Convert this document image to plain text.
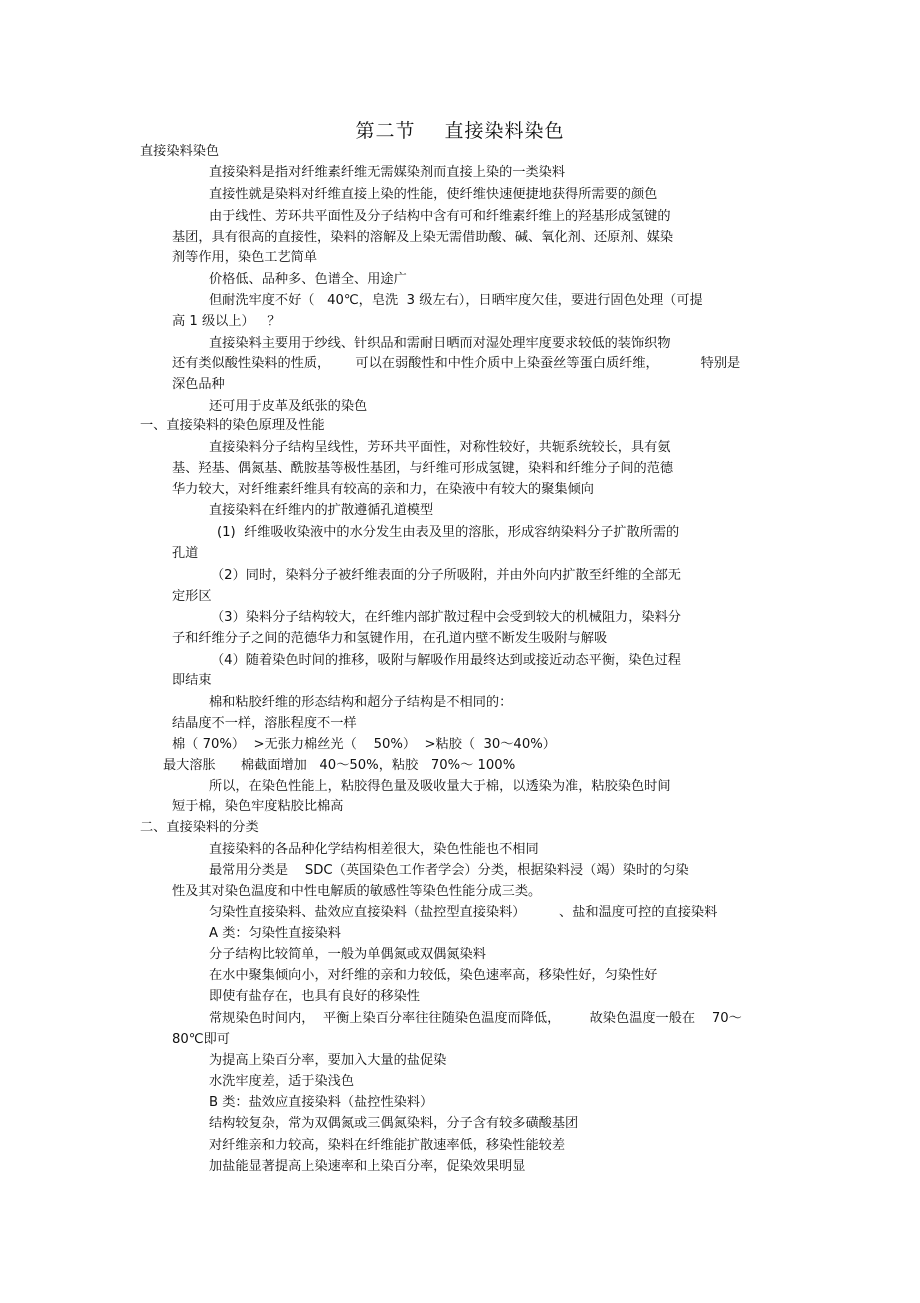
第二节 直接染料染色
直接染料染色
直接染料是指对纤维素纤维无需媒染剂而直接上染的一类染料
直接性就是染料对纤维直接上染的性能，使纤维快速便捷地获得所需要的颜色
由于线性、芳环共平面性及分子结构中含有可和纤维素纤维上的羟基形成氢键的
基团，具有很高的直接性，染料的溶解及上染无需借助酸、碱、氧化剂、还原剂、媒染
剂等作用，染色工艺简单
价格低、品种多、色谱全、用途广
但耐洗牢度不好（   40℃，皂洗  3 级左右），日晒牢度欠佳，要进行固色处理（可提
高 1 级以上）   ？
直接染料主要用于纱线、针织品和需耐日晒而对湿处理牢度要求较低的装饰织物
还有类似酸性染料的性质，      可以在弱酸性和中性介质中上染蚕丝等蛋白质纤维，          特别是
深色品种
还可用于皮革及纸张的染色
一、直接染料的染色原理及性能
直接染料分子结构呈线性，芳环共平面性，对称性较好，共轭系统较长，具有氨
基、羟基、偶氮基、酰胺基等极性基团，与纤维可形成氢键，染料和纤维分子间的范德
华力较大，对纤维素纤维具有较高的亲和力，在染液中有较大的聚集倾向
直接染料在纤维内的扩散遵循孔道模型
(1)  纤维吸收染液中的水分发生由表及里的溶胀，形成容纳染料分子扩散所需的
孔道
（2）同时，染料分子被纤维表面的分子所吸附，并由外向内扩散至纤维的全部无
定形区
（3）染料分子结构较大，在纤维内部扩散过程中会受到较大的机械阻力，染料分
子和纤维分子之间的范德华力和氢键作用，在孔道内壁不断发生吸附与解吸
（4）随着染色时间的推移，吸附与解吸作用最终达到或接近动态平衡，染色过程
即结束
棉和粘胶纤维的形态结构和超分子结构是不相同的：
结晶度不一样，溶胀程度不一样
棉（ 70%）  >无张力棉丝光（    50%）  >粘胶（  30～40%）
最大溶胀      棉截面增加   40～50%，粘胶   70%～ 100%
所以，在染色性能上，粘胶得色量及吸收量大于棉，以透染为准，粘胶染色时间
短于棉，染色牢度粘胶比棉高
二、直接染料的分类
直接染料的各品种化学结构相差很大，染色性能也不相同
最常用分类是    SDC（英国染色工作者学会）分类，根据染料浸（竭）染时的匀染
性及其对染色温度和中性电解质的敏感性等染色性能分成三类。
匀染性直接染料、盐效应直接染料（盐控型直接染料）        、盐和温度可控的直接染料
A 类：匀染性直接染料
分子结构比较简单，一般为单偶氮或双偶氮染料
在水中聚集倾向小，对纤维的亲和力较低，染色速率高，移染性好，匀染性好
即使有盐存在，也具有良好的移染性
常规染色时间内，  平衡上染百分率往往随染色温度而降低，       故染色温度一般在    70～
80℃即可
为提高上染百分率，要加入大量的盐促染
水洗牢度差，适于染浅色
B 类：盐效应直接染料（盐控性染料）
结构较复杂，常为双偶氮或三偶氮染料，分子含有较多磺酸基团
对纤维亲和力较高，染料在纤维能扩散速率低，移染性能较差
加盐能显著提高上染速率和上染百分率，促染效果明显
